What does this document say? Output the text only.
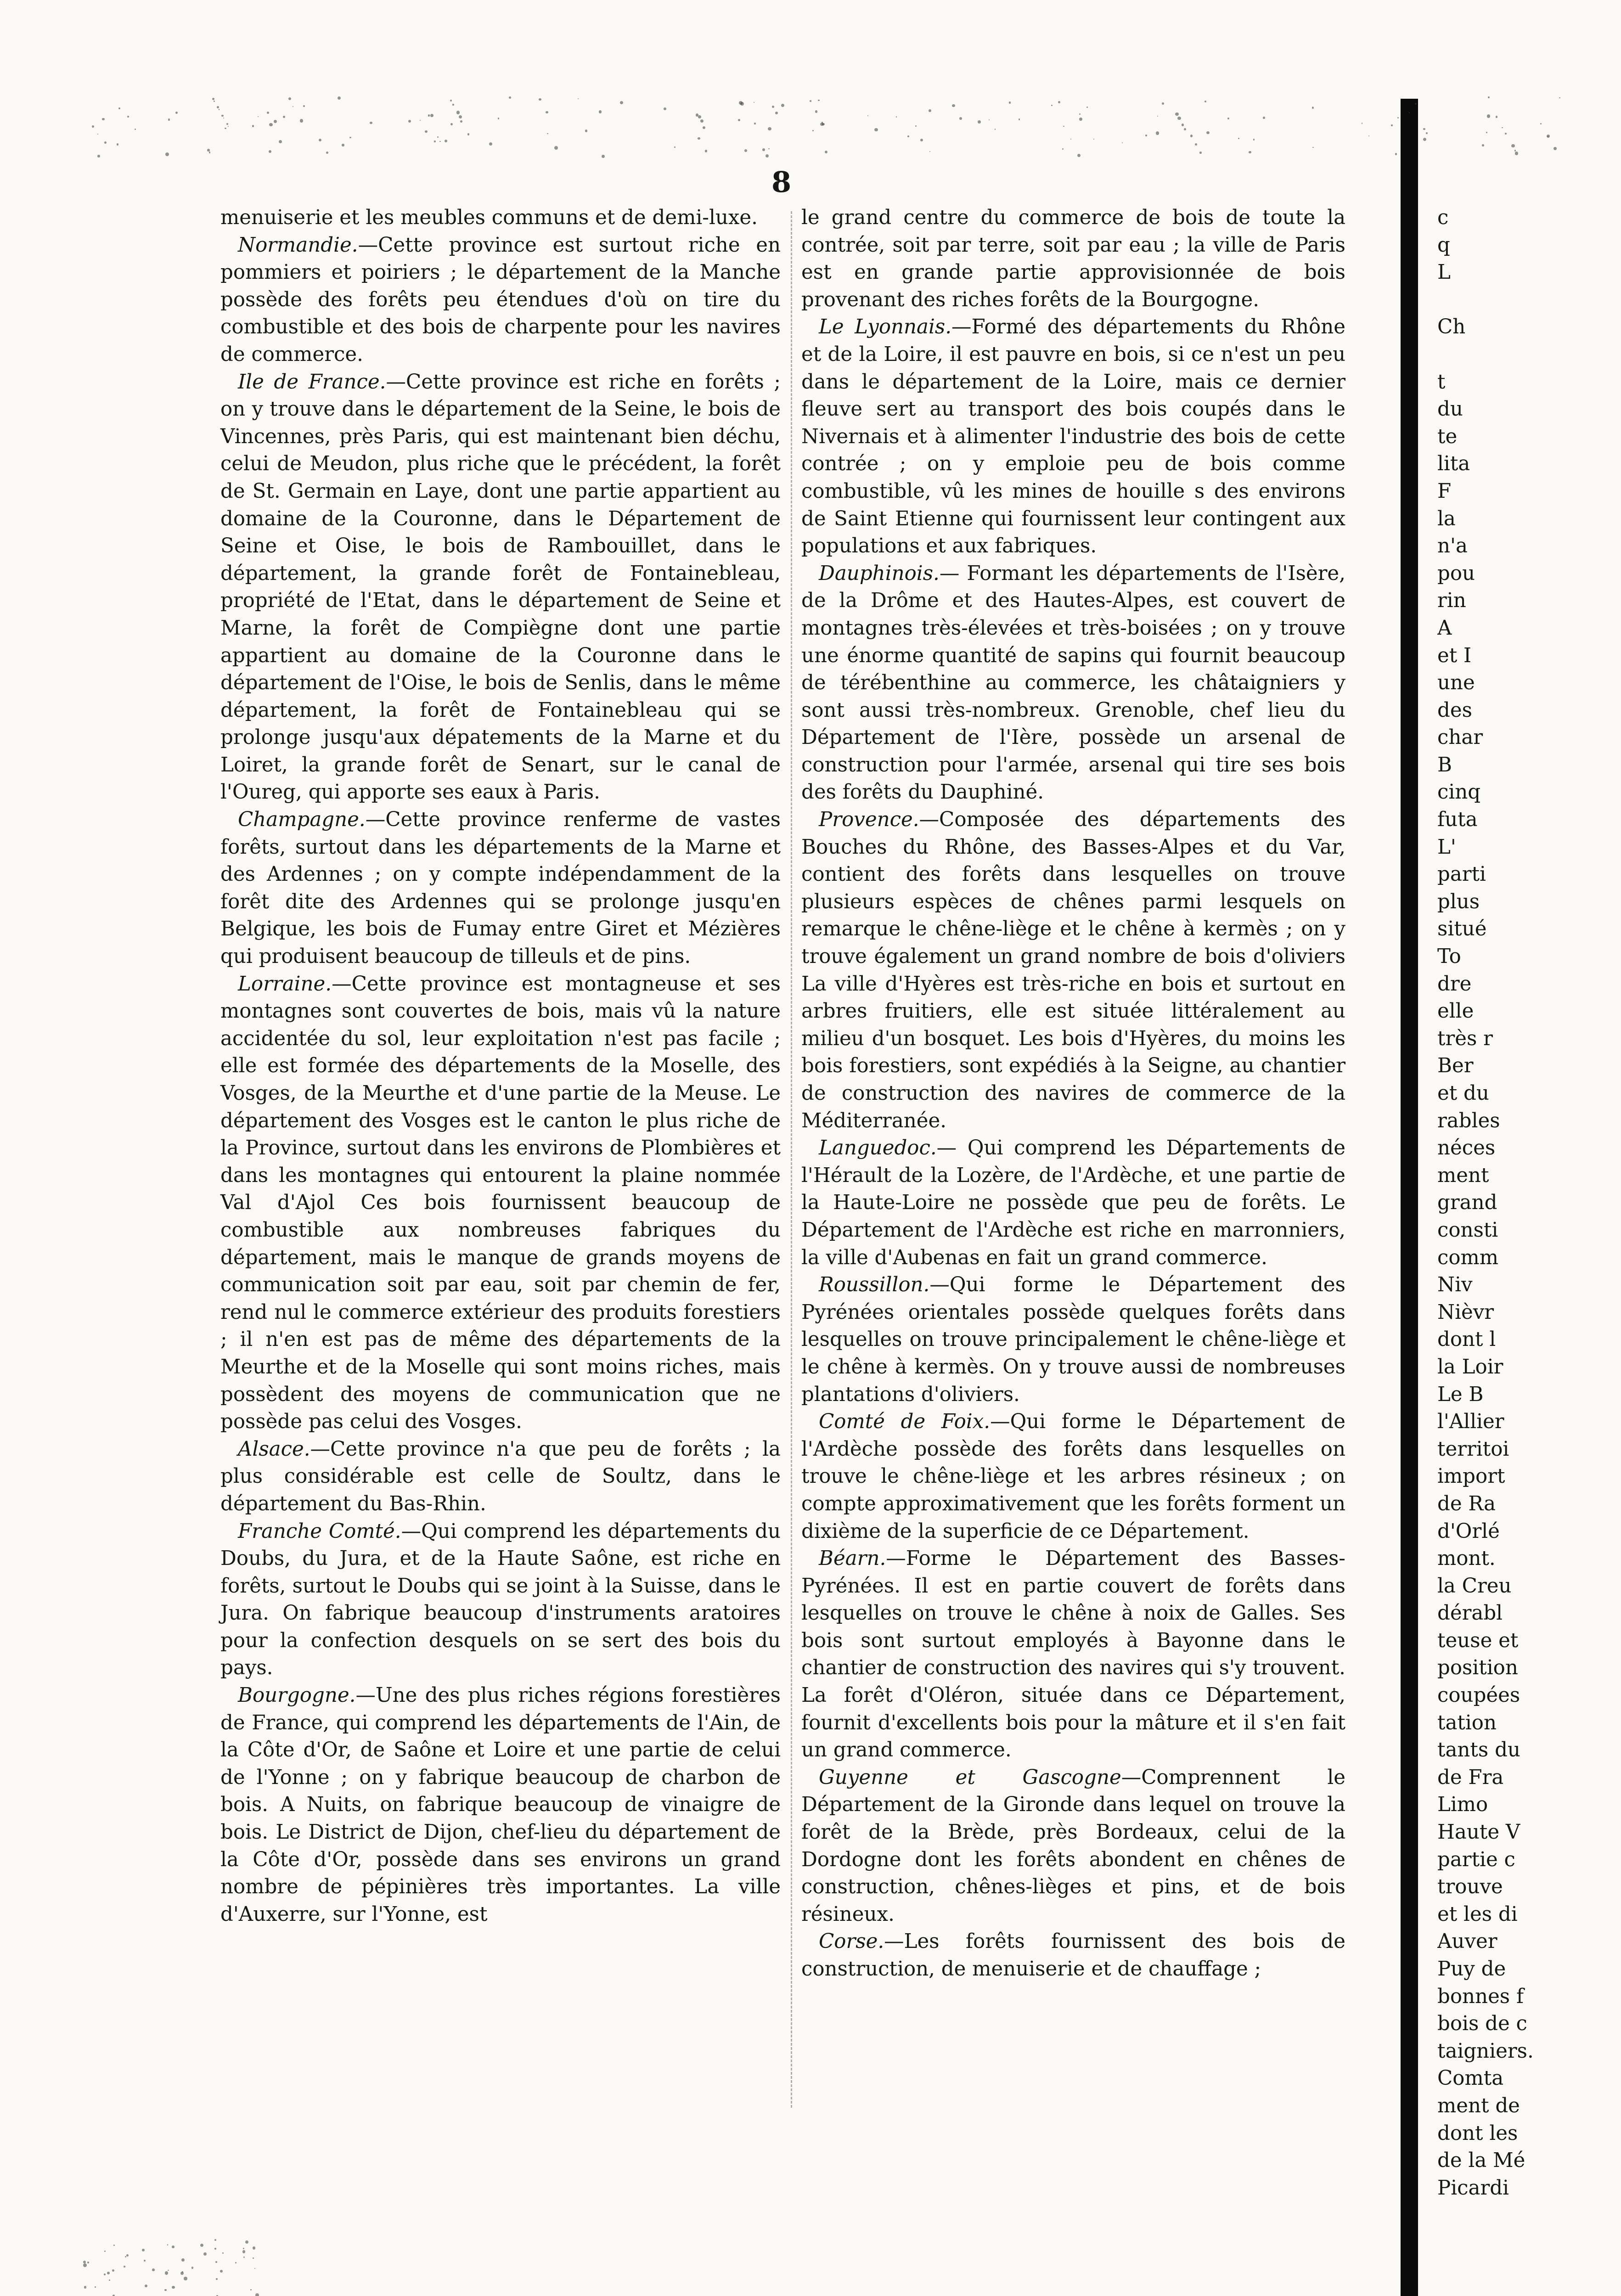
8

menuiserie et les meubles communs et de demi-luxe.

Normandie.—Cette province est surtout riche en pommiers et poiriers ; le département de la Manche possède des forêts peu étendues d'où on tire du combustible et des bois de charpente pour les navires de commerce.

Ile de France.—Cette province est riche en forêts ; on y trouve dans le département de la Seine, le bois de Vincennes, près Paris, qui est maintenant bien déchu, celui de Meudon, plus riche que le précédent, la forêt de St. Germain en Laye, dont une partie appartient au domaine de la Couronne, dans le Département de Seine et Oise, le bois de Rambouillet, dans le département, la grande forêt de Fontainebleau, propriété de l'Etat, dans le département de Seine et Marne, la forêt de Compiègne dont une partie appartient au domaine de la Couronne dans le département de l'Oise, le bois de Senlis, dans le même département, la forêt de Fontainebleau qui se prolonge jusqu'aux dépatements de la Marne et du Loiret, la grande forêt de Senart, sur le canal de l'Oureg, qui apporte ses eaux à Paris.

Champagne.—Cette province renferme de vastes forêts, surtout dans les départements de la Marne et des Ardennes ; on y compte indépendamment de la forêt dite des Ardennes qui se prolonge jusqu'en Belgique, les bois de Fumay entre Giret et Mézières qui produisent beaucoup de tilleuls et de pins.

Lorraine.—Cette province est montagneuse et ses montagnes sont couvertes de bois, mais vû la nature accidentée du sol, leur exploitation n'est pas facile ; elle est formée des départements de la Moselle, des Vosges, de la Meurthe et d'une partie de la Meuse. Le département des Vosges est le canton le plus riche de la Province, surtout dans les environs de Plombières et dans les montagnes qui entourent la plaine nommée Val d'Ajol Ces bois fournissent beaucoup de combustible aux nombreuses fabriques du département, mais le manque de grands moyens de communication soit par eau, soit par chemin de fer, rend nul le commerce extérieur des produits forestiers ; il n'en est pas de même des départements de la Meurthe et de la Moselle qui sont moins riches, mais possèdent des moyens de communication que ne possède pas celui des Vosges.

Alsace.—Cette province n'a que peu de forêts ; la plus considérable est celle de Soultz, dans le département du Bas-Rhin.

Franche Comté.—Qui comprend les départements du Doubs, du Jura, et de la Haute Saône, est riche en forêts, surtout le Doubs qui se joint à la Suisse, dans le Jura. On fabrique beaucoup d'instruments aratoires pour la confection desquels on se sert des bois du pays.

Bourgogne.—Une des plus riches régions forestières de France, qui comprend les départements de l'Ain, de la Côte d'Or, de Saône et Loire et une partie de celui de l'Yonne ; on y fabrique beaucoup de charbon de bois. A Nuits, on fabrique beaucoup de vinaigre de bois. Le District de Dijon, chef-lieu du département de la Côte d'Or, possède dans ses environs un grand nombre de pépinières très importantes. La ville d'Auxerre, sur l'Yonne, est

le grand centre du commerce de bois de toute la contrée, soit par terre, soit par eau ; la ville de Paris est en grande partie approvisionnée de bois provenant des riches forêts de la Bourgogne.

Le Lyonnais.—Formé des départements du Rhône et de la Loire, il est pauvre en bois, si ce n'est un peu dans le département de la Loire, mais ce dernier fleuve sert au transport des bois coupés dans le Nivernais et à alimenter l'industrie des bois de cette contrée ; on y emploie peu de bois comme combustible, vû les mines de houille s des environs de Saint Etienne qui fournissent leur contingent aux populations et aux fabriques.

Dauphinois.— Formant les départements de l'Isère, de la Drôme et des Hautes-Alpes, est couvert de montagnes très-élevées et très-boisées ; on y trouve une énorme quantité de sapins qui fournit beaucoup de térébenthine au commerce, les châtaigniers y sont aussi très-nombreux. Grenoble, chef lieu du Département de l'Ière, possède un arsenal de construction pour l'armée, arsenal qui tire ses bois des forêts du Dauphiné.

Provence.—Composée des départements des Bouches du Rhône, des Basses-Alpes et du Var, contient des forêts dans lesquelles on trouve plusieurs espèces de chênes parmi lesquels on remarque le chêne-liège et le chêne à kermès ; on y trouve également un grand nombre de bois d'oliviers La ville d'Hyères est très-riche en bois et surtout en arbres fruitiers, elle est située littéralement au milieu d'un bosquet. Les bois d'Hyères, du moins les bois forestiers, sont expédiés à la Seigne, au chantier de construction des navires de commerce de la Méditerranée.

Languedoc.— Qui comprend les Départements de l'Hérault de la Lozère, de l'Ardèche, et une partie de la Haute-Loire ne possède que peu de forêts. Le Département de l'Ardèche est riche en marronniers, la ville d'Aubenas en fait un grand commerce.

Roussillon.—Qui forme le Département des Pyrénées orientales possède quelques forêts dans lesquelles on trouve principalement le chêne-liège et le chêne à kermès. On y trouve aussi de nombreuses plantations d'oliviers.

Comté de Foix.—Qui forme le Département de l'Ardèche possède des forêts dans lesquelles on trouve le chêne-liège et les arbres résineux ; on compte approximativement que les forêts forment un dixième de la superficie de ce Département.

Béarn.—Forme le Département des Basses-Pyrénées. Il est en partie couvert de forêts dans lesquelles on trouve le chêne à noix de Galles. Ses bois sont surtout employés à Bayonne dans le chantier de construction des navires qui s'y trouvent. La forêt d'Oléron, située dans ce Département, fournit d'excellents bois pour la mâture et il s'en fait un grand commerce.

Guyenne et Gascogne—Comprennent le Département de la Gironde dans lequel on trouve la forêt de la Brède, près Bordeaux, celui de la Dordogne dont les forêts abondent en chênes de construction, chênes-lièges et pins, et de bois résineux.

Corse.—Les forêts fournissent des bois de construction, de menuiserie et de chauffage ;

c
q
L
Ch
t
du
te
lita
F
la
n'a
pou
rin
A
et I
une
des
char
B
cinq
futa
L'
parti
plus
situé
To
dre
elle
très r
Ber
et du
rables
néces
ment
grand
consti
comm
Niv
Nièvr
dont l
la Loir
Le B
l'Allier
territoi
import
de Ra
d'Orlé
mont.
la Creu
dérabl
teuse et
position
coupées
tation
tants du
de Fra
Limo
Haute V
partie c
trouve
et les di
Auver
Puy de
bonnes f
bois de c
taigniers.
Comta
ment de
dont les
de la Mé
Picardi
